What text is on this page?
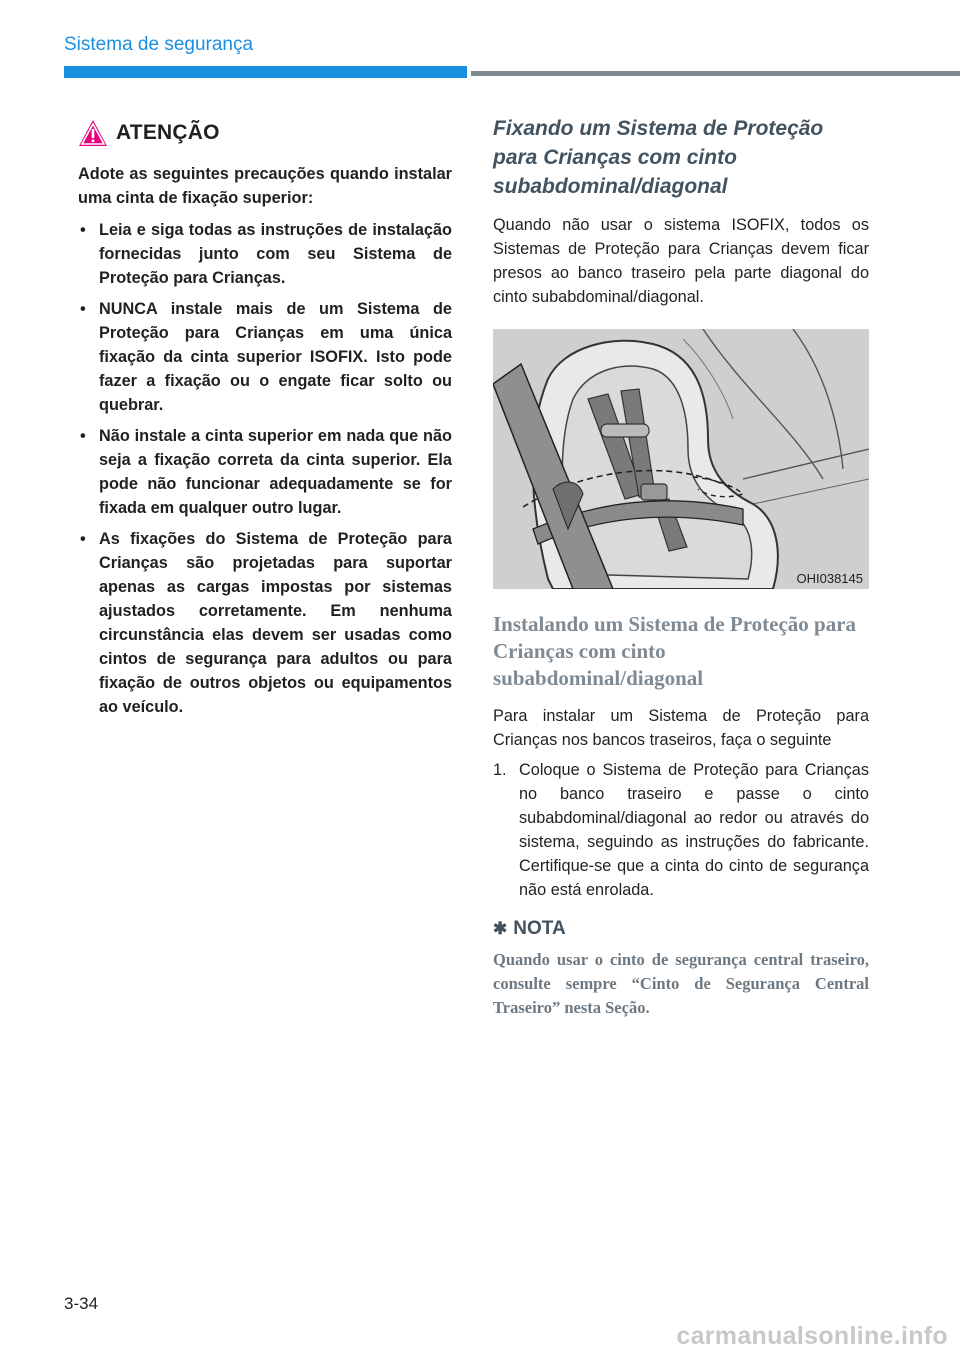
Sistema de segurança
ATENÇÃO

Adote as seguintes precauções quando instalar uma cinta de fixação superior:

• Leia e siga todas as instruções de instalação fornecidas junto com seu Sistema de Proteção para Crianças.
• NUNCA instale mais de um Sistema de Proteção para Crianças em uma única fixação da cinta superior ISOFIX. Isto pode fazer a fixação ou o engate ficar solto ou quebrar.
• Não instale a cinta superior em nada que não seja a fixação correta da cinta superior. Ela pode não funcionar adequadamente se for fixada em qualquer outro lugar.
• As fixações do Sistema de Proteção para Crianças são projetadas para suportar apenas as cargas impostas por sistemas ajustados corretamente. Em nenhuma circunstância elas devem ser usadas como cintos de segurança para adultos ou para fixação de outros objetos ou equipamentos ao veículo.
Fixando um Sistema de Proteção para Crianças com cinto subabdominal/diagonal

Quando não usar o sistema ISOFIX, todos os Sistemas de Proteção para Crianças devem ficar presos ao banco traseiro pela parte diagonal do cinto subabdominal/diagonal.

OHI038145
Instalando um Sistema de Proteção para Crianças com cinto subabdominal/diagonal

Para instalar um Sistema de Proteção para Crianças nos bancos traseiros, faça o seguinte

1. Coloque o Sistema de Proteção para Crianças no banco traseiro e passe o cinto subabdominal/diagonal ao redor ou através do sistema, seguindo as instruções do fabricante. Certifique-se que a cinta do cinto de segurança não está enrolada.
✱ NOTA

Quando usar o cinto de segurança central traseiro, consulte sempre “Cinto de Segurança Central Traseiro” nesta Seção.

3-34
carmanualsonline.info
